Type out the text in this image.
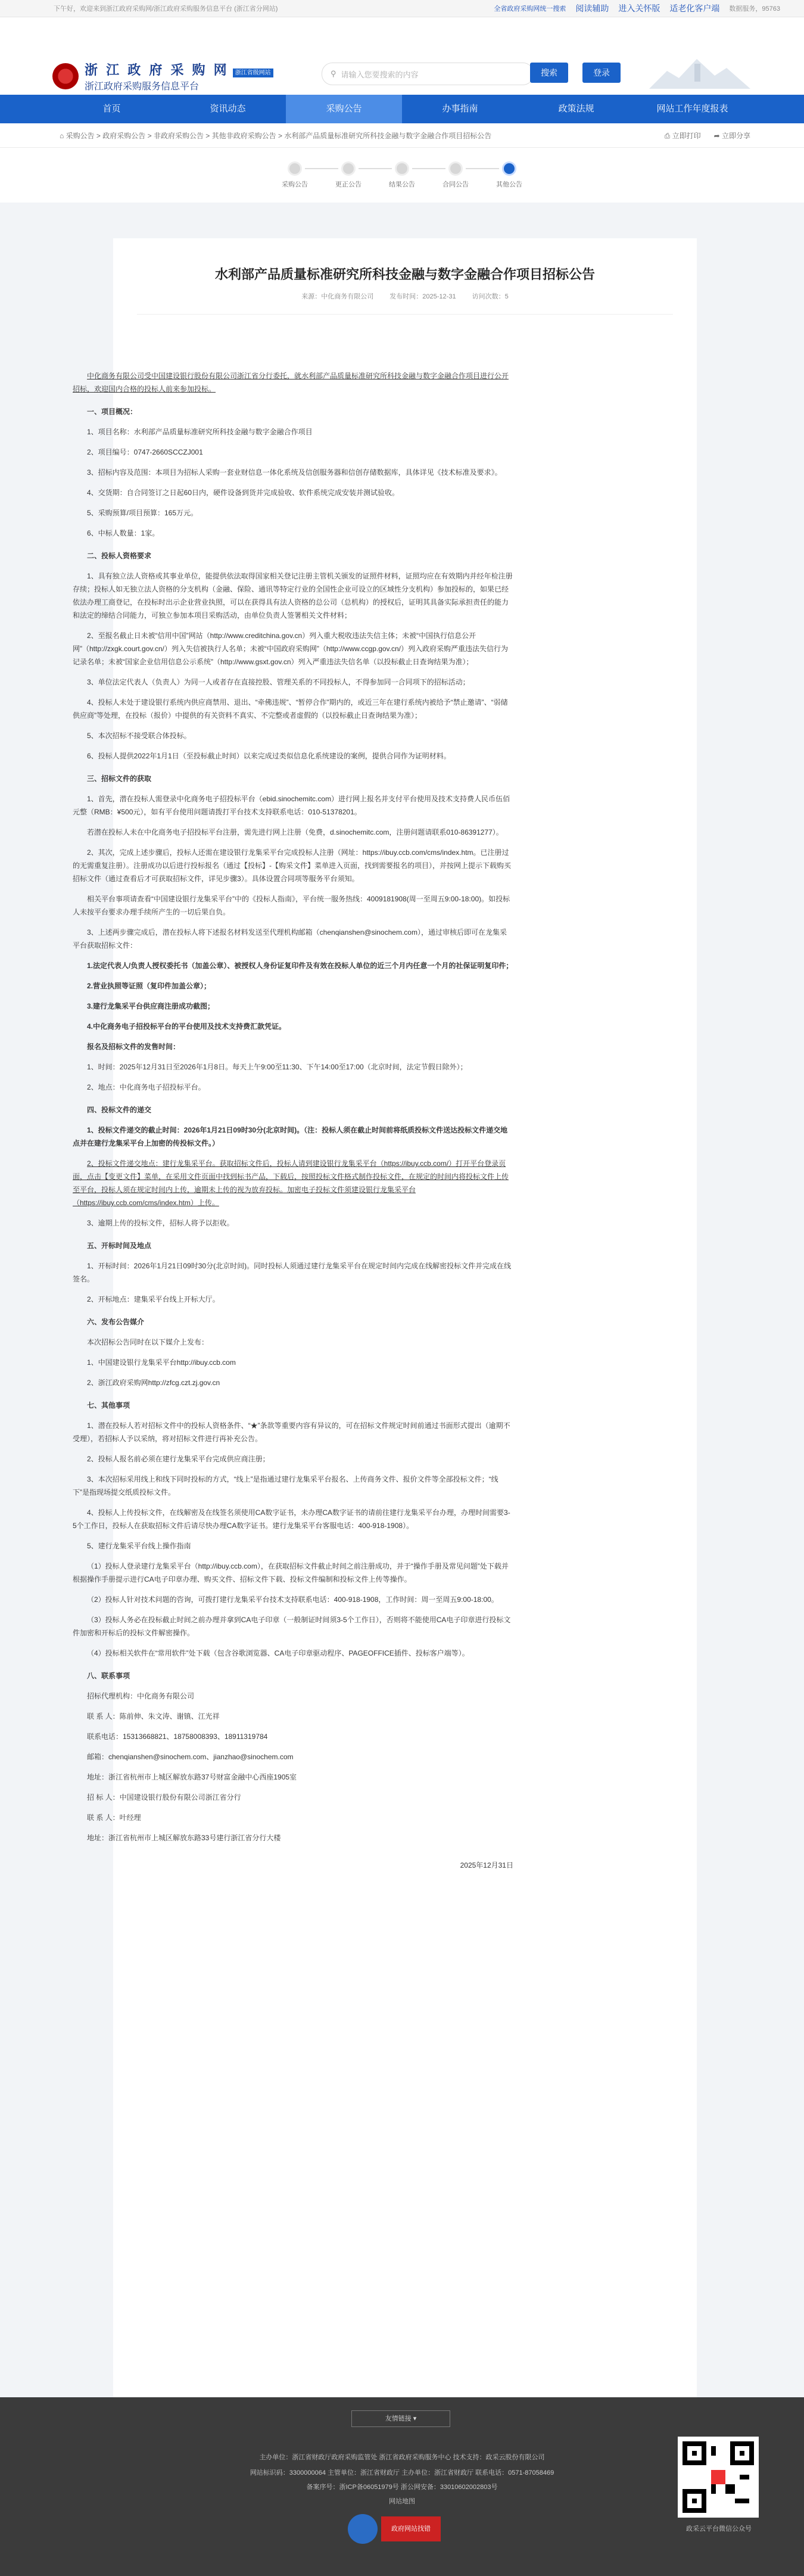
下午好，欢迎来到浙江政府采购网/浙江政府采购服务信息平台 (浙江省分网站)	全省政府采购网统一搜索 阅读辅助 进入关怀版 适老化客户端 数据服务，95763
浙 江 政 府 采 购 网 浙江省级网站
浙江政府采购服务信息平台
⚲ 请输入您要搜索的内容	搜索	登录
首页	资讯动态	采购公告	办事指南	政策法规	网站工作年度报表
⌂ 采购公告 > 政府采购公告 > 非政府采购公告 > 其他非政府采购公告 > 水利部产品质量标准研究所科技金融与数字金融合作项目招标公告	⎙ 立即打印 ➦ 立即分享
采购公告	更正公告	结果公告	合同公告	其他公告
水利部产品质量标准研究所科技金融与数字金融合作项目招标公告
来源：中化商务有限公司 发布时间：2025-12-31 访问次数：5

中化商务有限公司受中国建设银行股份有限公司浙江省分行委托，就水利部产品质量标准研究所科技金融与数字金融合作项目进行公开招标，欢迎国内合格的投标人前来参加投标。

一、项目概况：

1、项目名称：水利部产品质量标准研究所科技金融与数字金融合作项目

2、项目编号：0747-2660SCCZJ001

3、招标内容及范围：本项目为招标人采购一套业财信息一体化系统及信创服务器和信创存储数据库，具体详见《技术标准及要求》。

4、交货期：自合同签订之日起60日内，硬件设备到货并完成验收、软件系统完成安装并测试验收。

5、采购预算/项目预算：165万元。

6、中标人数量：1家。

二、投标人资格要求

1、具有独立法人资格或其事业单位，能提供依法取得国家相关登记注册主管机关颁发的证照件材料，证照均应在有效期内并经年检注册存续；投标人如无独立法人资格的分支机构（金融、保险、通讯等特定行业的全国性企业可设立的区域性分支机构）参加投标的，如果已经依法办理工商登记，在投标时出示企业营业执照，可以在获得具有法人资格的总公司（总机构）的授权后，证明其具备实际承担责任的能力和法定的缔结合同能力，可独立参加本项目采购活动，由单位负责人签署相关文件材料；

2、至报名截止日未被“信用中国”网站（http://www.creditchina.gov.cn）列入重大税收违法失信主体；未被“中国执行信息公开网”（http://zxgk.court.gov.cn/）列入失信被执行人名单；未被“中国政府采购网”（http://www.ccgp.gov.cn/）列入政府采购严重违法失信行为记录名单；未被“国家企业信用信息公示系统”（http://www.gsxt.gov.cn）列入严重违法失信名单（以投标截止日查询结果为准）；

3、单位法定代表人（负责人）为同一人或者存在直接控股、管理关系的不同投标人，不得参加同一合同项下的招标活动；

4、投标人未处于建设银行系统内供应商禁用、退出、“牵佛违规”、“暂停合作”期内的，或近三年在建行系统内被给予“禁止邀请”、“弱储供应商”等处理，在投标（报价）中提供的有关资料不真实、不完整或者虚假的（以投标截止日查询结果为准）；

5、本次招标不接受联合体投标。

6、投标人提供2022年1月1日（至投标截止时间）以来完成过类似信息化系统建设的案例，提供合同作为证明材料。

三、招标文件的获取

1、首先，潜在投标人需登录中化商务电子招投标平台（ebid.sinochemitc.com）进行网上报名并支付平台使用及技术支持费人民币伍佰元整（RMB：¥500元），如有平台使用问题请拨打平台技术支持联系电话：010-51378201。

若潜在投标人未在中化商务电子招投标平台注册，需先进行网上注册（免费，d.sinochemitc.com，注册问题请联系010-86391277）。

2、其次，完成上述步骤后，投标人还需在建设银行龙集采平台完成投标人注册（网址：https://ibuy.ccb.com/cms/index.htm。已注册过的无需重复注册）。注册成功以后进行投标报名（通过【投标】-【购采文件】菜单进入页面，找到需要报名的项目），并按网上提示下载购买招标文件（通过查看后才可获取招标文件，详见步骤3）。具体设置合同项等服务平台须知。

相关平台事项请查看“中国建设银行龙集采平台”中的《投标人指南》，平台统一服务热线：4009181908(周一至周五9:00-18:00)。如投标人未按平台要求办理手续所产生的一切后果自负。

3、上述两步骤完成后，潜在投标人将下述报名材料发送至代理机构邮箱（chenqianshen@sinochem.com），通过审核后即可在龙集采平台获取招标文件：

1.法定代表人/负责人授权委托书（加盖公章）、被授权人身份证复印件及有效在投标人单位的近三个月内任意一个月的社保证明复印件；

2.营业执照等证照（复印件加盖公章）；

3.建行龙集采平台供应商注册成功截图；

4.中化商务电子招投标平台的平台使用及技术支持费汇款凭证。

报名及招标文件的发售时间：

1、时间：2025年12月31日至2026年1月8日。每天上午9:00至11:30、下午14:00至17:00（北京时间，法定节假日除外）；

2、地点：中化商务电子招投标平台。

四、投标文件的递交

1、投标文件递交的截止时间：2026年1月21日09时30分(北京时间)。（注：投标人须在截止时间前将纸质投标文件送达投标文件递交地点并在建行龙集采平台上加密的传投标文件。）

2、投标文件递交地点：建行龙集采平台。获取招标文件后，投标人请到建设银行龙集采平台（https://ibuy.ccb.com/）打开平台登录页面，点击【变更文件】菜单，在采用文件页面中找到标书产品，下载后，按照投标文件格式制作投标文件，在规定的时间内将投标文件上传至平台，投标人须在规定时间内上传，逾期未上传的视为放弃投标。加密电子投标文件须建设银行龙集采平台（https://ibuy.ccb.com/cms/index.htm）上传。

3、逾期上传的投标文件，招标人将予以拒收。

五、开标时间及地点

1、开标时间：2026年1月21日09时30分(北京时间)。同时投标人须通过建行龙集采平台在规定时间内完成在线解密投标文件并完成在线签名。

2、开标地点：建集采平台线上开标大厅。

六、发布公告媒介

本次招标公告同时在以下媒介上发布：

1、中国建设银行龙集采平台http://ibuy.ccb.com

2、浙江政府采购网http://zfcg.czt.zj.gov.cn

七、其他事项

1、潜在投标人若对招标文件中的投标人资格条件、“★”条款等重要内容有异议的，可在招标文件规定时间前通过书面形式提出（逾期不受理），若招标人予以采纳，将对招标文件进行再补充公告。

2、投标人报名前必须在建行龙集采平台完成供应商注册；

3、本次招标采用线上和线下同时投标的方式，“线上”是指通过建行龙集采平台报名、上传商务文件、报价文件等全部投标文件；“线下”是指现场提交纸质投标文件。

4、投标人上传投标文件，在线解密及在线签名须使用CA数字证书，未办理CA数字证书的请前往建行龙集采平台办理，办理时间需要3-5个工作日，投标人在获取招标文件后请尽快办理CA数字证书。建行龙集采平台客服电话：400-918-1908）。

5、建行龙集采平台线上操作指南

（1）投标人登录建行龙集采平台（http://ibuy.ccb.com），在获取招标文件截止时间之前注册成功，并于“操作手册及常见问题”处下载并根据操作手册提示进行CA电子印章办理、购买文件、招标文件下载、投标文件编制和投标文件上传等操作。

（2）投标人针对技术问题的咨询，可拨打建行龙集采平台技术支持联系电话：400-918-1908，工作时间：周一至周五9:00-18:00。

（3）投标人务必在投标截止时间之前办理并拿到CA电子印章（一般制证时间须3-5个工作日），否则将不能使用CA电子印章进行投标文件加密和开标后的投标文件解密操作。

（4）投标相关软件在“常用软件”处下载（包含谷歌浏览器、CA电子印章驱动程序、PAGEOFFICE插件、投标客户端等）。

八、联系事项

招标代理机构：中化商务有限公司

联 系 人：陈前伸、朱文涛、谢镇、江光祥

联系电话：15313668821、18758008393、18911319784

邮箱：chenqianshen@sinochem.com、jianzhao@sinochem.com

地址：浙江省杭州市上城区解放东路37号财富金融中心西座1905室

招 标 人：中国建设银行股份有限公司浙江省分行

联 系 人：叶经理

地址：浙江省杭州市上城区解放东路33号建行浙江省分行大楼

2025年12月31日

友情链接 ▾
主办单位：浙江省财政厅政府采购监管处 浙江省政府采购服务中心 技术支持：政采云股份有限公司
网站标识码：3300000064 主管单位：浙江省财政厅 主办单位：浙江省财政厅 联系电话：0571-87058469
备案序号：浙ICP备06051979号 浙公网安备：33010602002803号
网站地图
政府网站找错	政采云平台微信公众号
